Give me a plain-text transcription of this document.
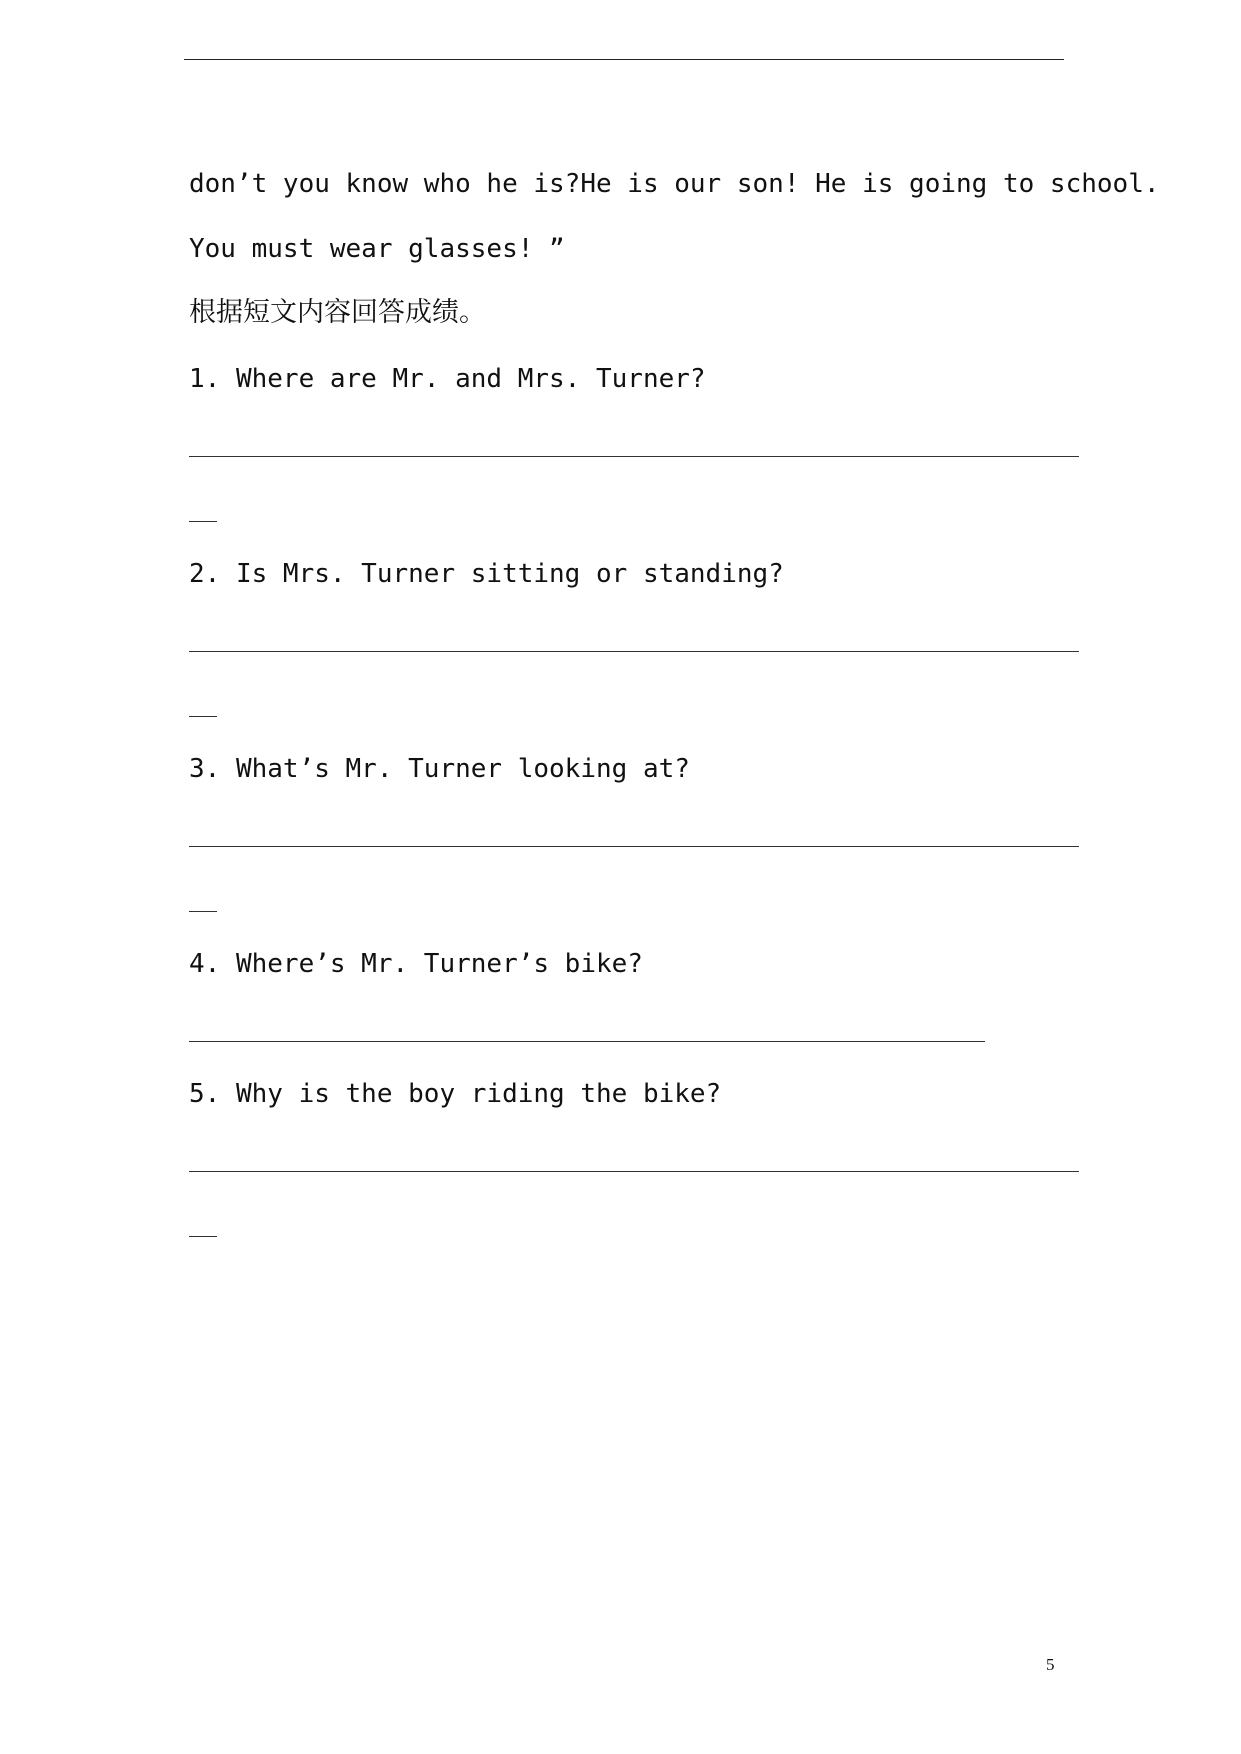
don’t you know who he is?He is our son! He is going to school.
You must wear glasses! ”
根据短文内容回答成绩。
1. Where are Mr. and Mrs. Turner?
2. Is Mrs. Turner sitting or standing?
3. What’s Mr. Turner looking at?
4. Where’s Mr. Turner’s bike?
5. Why is the boy riding the bike?
5
